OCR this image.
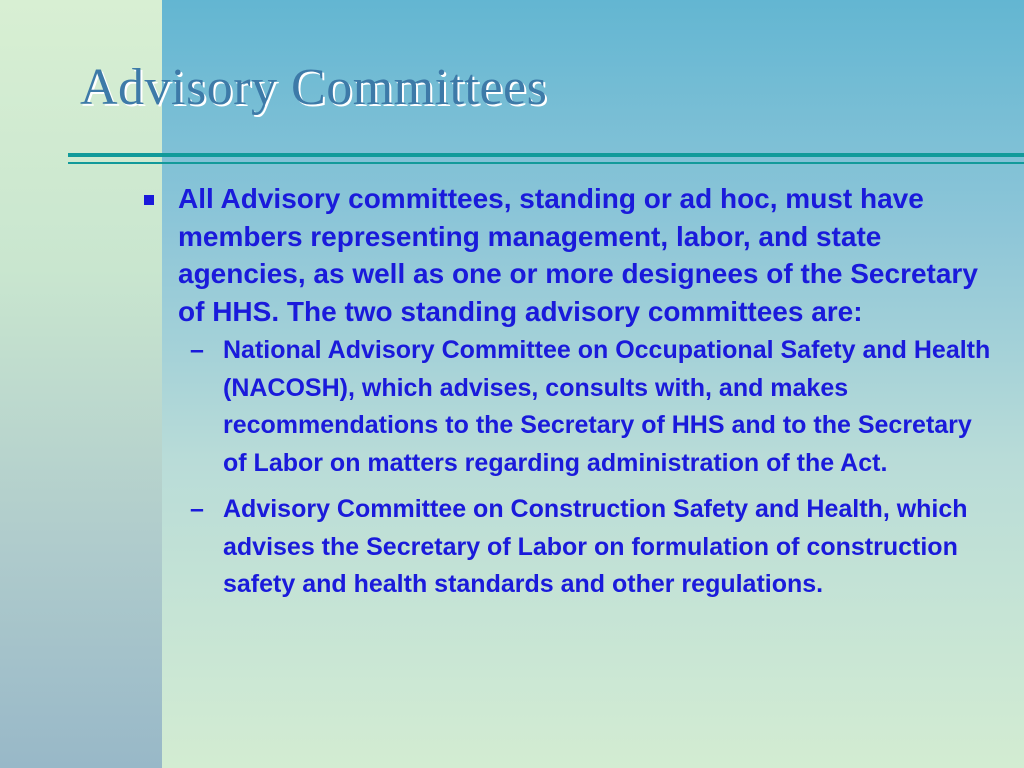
Advisory Committees
All Advisory committees, standing or ad hoc, must have members representing management, labor, and state agencies, as well as one or more designees of the Secretary of HHS. The two standing advisory committees are:
– National Advisory Committee on Occupational Safety and Health (NACOSH), which advises, consults with, and makes recommendations to the Secretary of HHS and to the Secretary of Labor on matters regarding administration of the Act.
– Advisory Committee on Construction Safety and Health, which advises the Secretary of Labor on formulation of construction safety and health standards and other regulations.
